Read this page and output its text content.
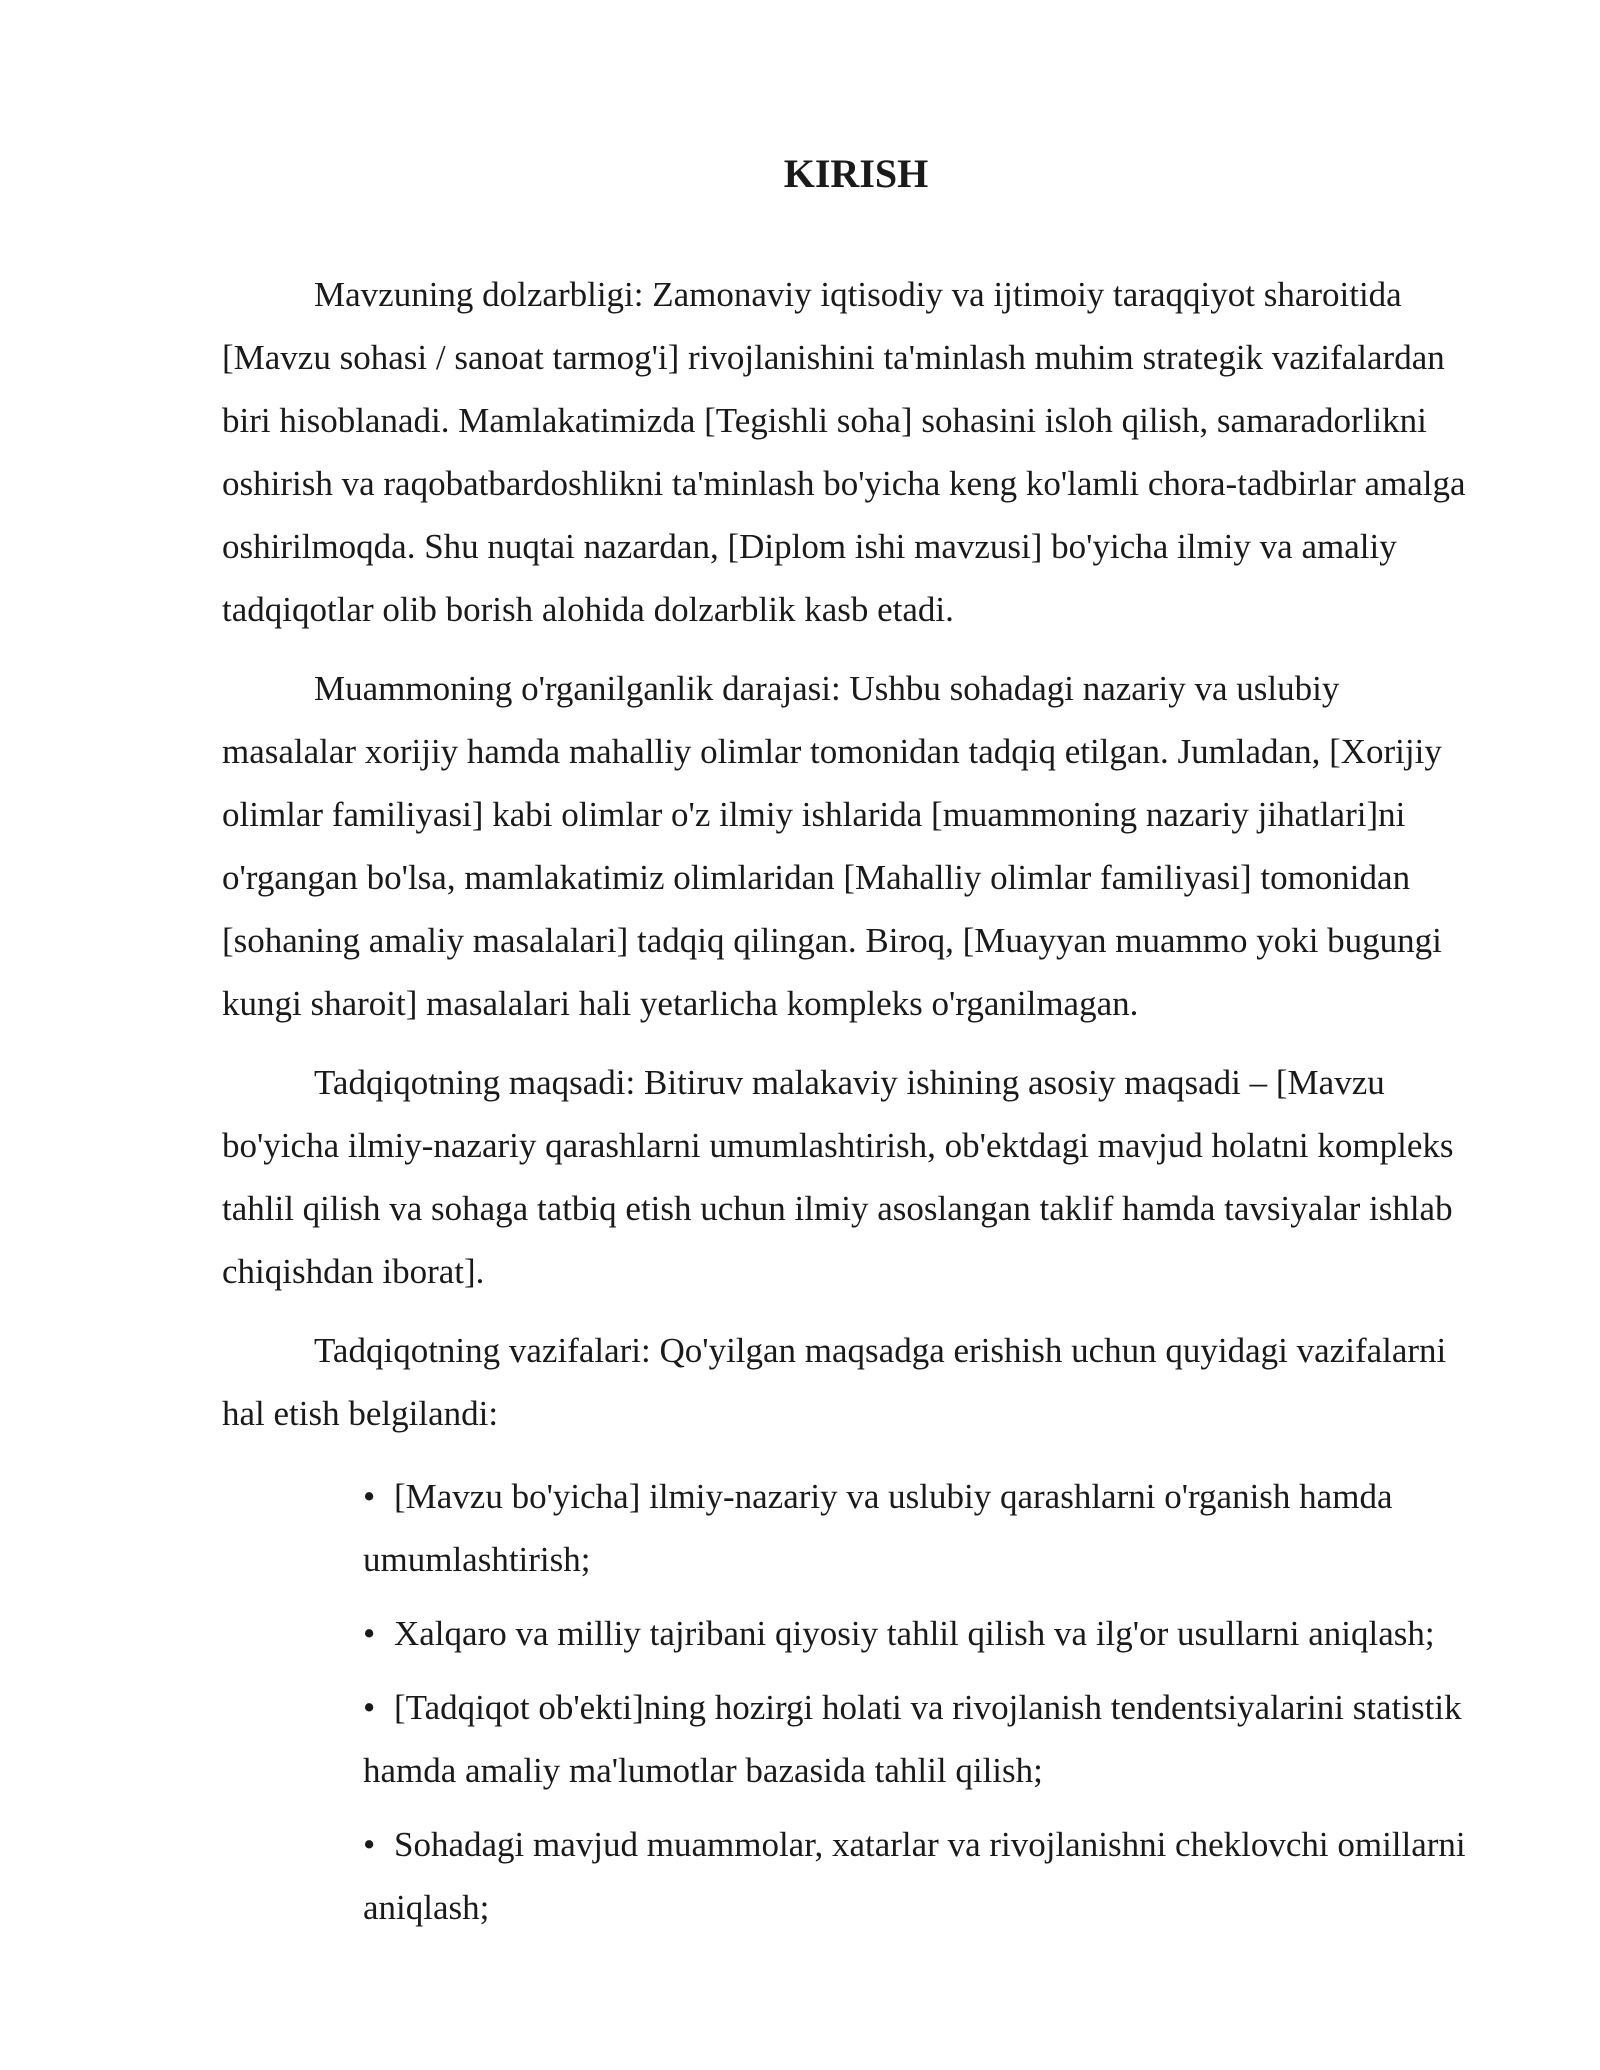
KIRISH

Mavzuning dolzarbligi: Zamonaviy iqtisodiy va ijtimoiy taraqqiyot sharoitida [Mavzu sohasi / sanoat tarmog'i] rivojlanishini ta'minlash muhim strategik vazifalardan biri hisoblanadi. Mamlakatimizda [Tegishli soha] sohasini isloh qilish, samaradorlikni oshirish va raqobatbardoshlikni ta'minlash bo'yicha keng ko'lamli chora-tadbirlar amalga oshirilmoqda. Shu nuqtai nazardan, [Diplom ishi mavzusi] bo'yicha ilmiy va amaliy tadqiqotlar olib borish alohida dolzarblik kasb etadi.

Muammoning o'rganilganlik darajasi: Ushbu sohadagi nazariy va uslubiy masalalar xorijiy hamda mahalliy olimlar tomonidan tadqiq etilgan. Jumladan, [Xorijiy olimlar familiyasi] kabi olimlar o'z ilmiy ishlarida [muammoning nazariy jihatlari]ni o'rgangan bo'lsa, mamlakatimiz olimlaridan [Mahalliy olimlar familiyasi] tomonidan [sohaning amaliy masalalari] tadqiq qilingan. Biroq, [Muayyan muammo yoki bugungi kungi sharoit] masalalari hali yetarlicha kompleks o'rganilmagan.

Tadqiqotning maqsadi: Bitiruv malakaviy ishining asosiy maqsadi – [Mavzu bo'yicha ilmiy-nazariy qarashlarni umumlashtirish, ob'ektdagi mavjud holatni kompleks tahlil qilish va sohaga tatbiq etish uchun ilmiy asoslangan taklif hamda tavsiyalar ishlab chiqishdan iborat].

Tadqiqotning vazifalari: Qo'yilgan maqsadga erishish uchun quyidagi vazifalarni hal etish belgilandi:

• [Mavzu bo'yicha] ilmiy-nazariy va uslubiy qarashlarni o'rganish hamda umumlashtirish;
• Xalqaro va milliy tajribani qiyosiy tahlil qilish va ilg'or usullarni aniqlash;
• [Tadqiqot ob'ekti]ning hozirgi holati va rivojlanish tendentsiyalarini statistik hamda amaliy ma'lumotlar bazasida tahlil qilish;
• Sohadagi mavjud muammolar, xatarlar va rivojlanishni cheklovchi omillarni aniqlash;
